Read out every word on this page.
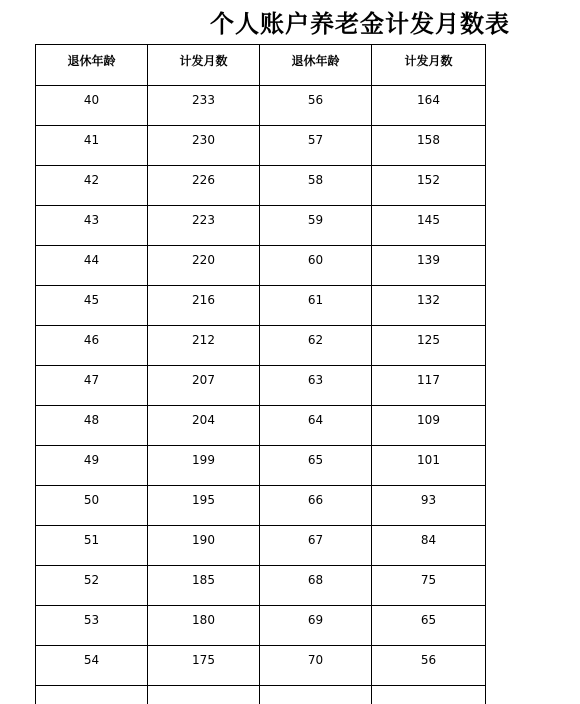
个人账户养老金计发月数表
退休年龄	计发月数	退休年龄	计发月数
40	233	56	164
41	230	57	158
42	226	58	152
43	223	59	145
44	220	60	139
45	216	61	132
46	212	62	125
47	207	63	117
48	204	64	109
49	199	65	101
50	195	66	93
51	190	67	84
52	185	68	75
53	180	69	65
54	175	70	56
